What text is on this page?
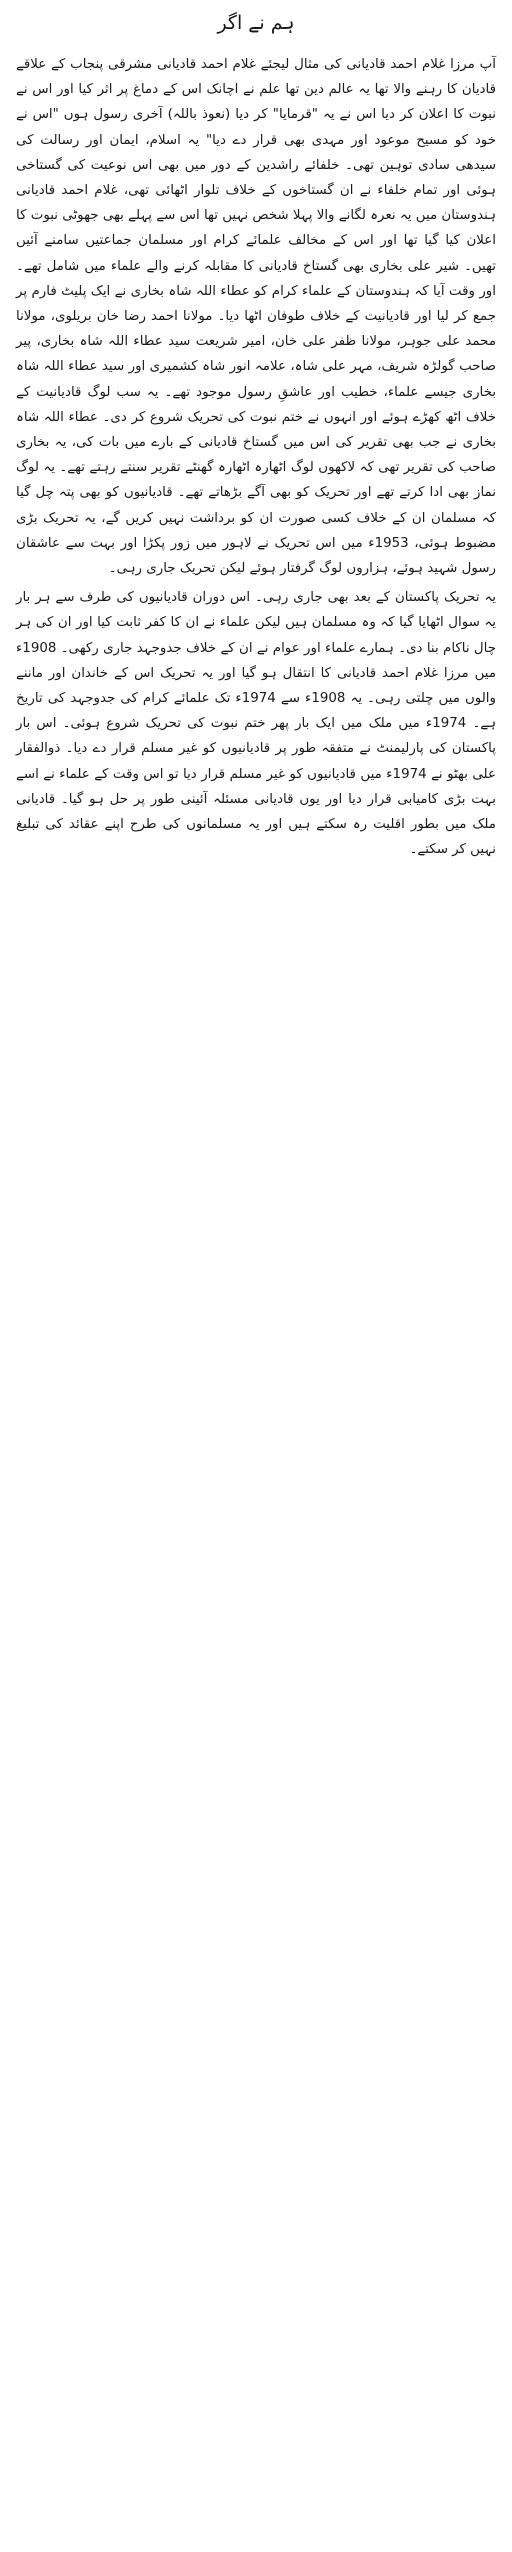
ہم نے اگر

آپ مرزا غلام احمد قادیانی کی مثال لیجئے غلام احمد قادیانی مشرقی پنجاب کے علاقے قادیان کا رہنے والا تھا یہ عالم دین تھا علم نے اچانک اس کے دماغ پر اثر کیا اور اس نے نبوت کا اعلان کر دیا اس نے یہ "قرمایا" کر دیا (نعوذ باللہ) آخری رسول ہوں "اس نے خود کو مسیح موعود اور مہدی بھی قرار دے دیا" یہ اسلام، ایمان اور رسالت کی سیدھی سادی توہین تھی۔ خلفائے راشدین کے دور میں بھی اس نوعیت کی گستاخی ہوئی اور تمام خلفاء نے ان گستاخوں کے خلاف تلوار اٹھائی تھی، غلام احمد قادیانی ہندوستان میں یہ نعرہ لگانے والا پہلا شخص نہیں تھا اس سے پہلے بھی جھوٹی نبوت کا اعلان کیا گیا تھا اور اس کے مخالف علمائے کرام اور مسلمان جماعتیں سامنے آئیں تھیں۔ شیر علی بخاری بھی گستاخ قادیانی کا مقابلہ کرنے والے علماء میں شامل تھے۔ اور وقت آیا کہ ہندوستان کے علماء کرام کو عطاء اللہ شاہ بخاری نے ایک پلیٹ فارم پر جمع کر لیا اور قادیانیت کے خلاف طوفان اٹھا دیا۔ مولانا احمد رضا خان بریلوی، مولانا محمد علی جوہر، مولانا ظفر علی خان، امیر شریعت سید عطاء اللہ شاہ بخاری، پیر صاحب گولڑہ شریف، مہر علی شاہ، علامہ انور شاہ کشمیری اور سید عطاء اللہ شاہ بخاری جیسے علماء، خطیب اور عاشقِ رسول موجود تھے۔ یہ سب لوگ قادیانیت کے خلاف اٹھ کھڑے ہوئے اور انہوں نے ختم نبوت کی تحریک شروع کر دی۔ عطاء اللہ شاہ بخاری نے جب بھی تقریر کی اس میں گستاخ قادیانی کے بارے میں بات کی، یہ بخاری صاحب کی تقریر تھی کہ لاکھوں لوگ اٹھارہ اٹھارہ گھنٹے تقریر سنتے رہتے تھے۔ یہ لوگ نماز بھی ادا کرتے تھے اور تحریک کو بھی آگے بڑھاتے تھے۔ قادیانیوں کو بھی پتہ چل گیا کہ مسلمان ان کے خلاف کسی صورت ان کو برداشت نہیں کریں گے، یہ تحریک بڑی مضبوط ہوئی، 1953ء میں اس تحریک نے لاہور میں زور پکڑا اور بہت سے عاشقان رسول شہید ہوئے، ہزاروں لوگ گرفتار ہوئے لیکن تحریک جاری رہی۔

یہ تحریک پاکستان کے بعد بھی جاری رہی۔ اس دوران قادیانیوں کی طرف سے ہر بار یہ سوال اٹھایا گیا کہ وہ مسلمان ہیں لیکن علماء نے ان کا کفر ثابت کیا اور ان کی ہر چال ناکام بنا دی۔ ہمارے علماء اور عوام نے ان کے خلاف جدوجہد جاری رکھی۔ 1908ء میں مرزا غلام احمد قادیانی کا انتقال ہو گیا اور یہ تحریک اس کے خاندان اور ماننے والوں میں چلتی رہی۔ یہ 1908ء سے 1974ء تک علمائے کرام کی جدوجہد کی تاریخ ہے۔ 1974ء میں ملک میں ایک بار پھر ختم نبوت کی تحریک شروع ہوئی۔ اس بار پاکستان کی پارلیمنٹ نے متفقہ طور پر قادیانیوں کو غیر مسلم قرار دے دیا۔ ذوالفقار علی بھٹو نے 1974ء میں قادیانیوں کو غیر مسلم قرار دیا تو اس وقت کے علماء نے اسے بہت بڑی کامیابی قرار دیا اور یوں قادیانی مسئلہ آئینی طور پر حل ہو گیا۔ قادیانی ملک میں بطور اقلیت رہ سکتے ہیں اور یہ مسلمانوں کی طرح اپنے عقائد کی تبلیغ نہیں کر سکتے۔
